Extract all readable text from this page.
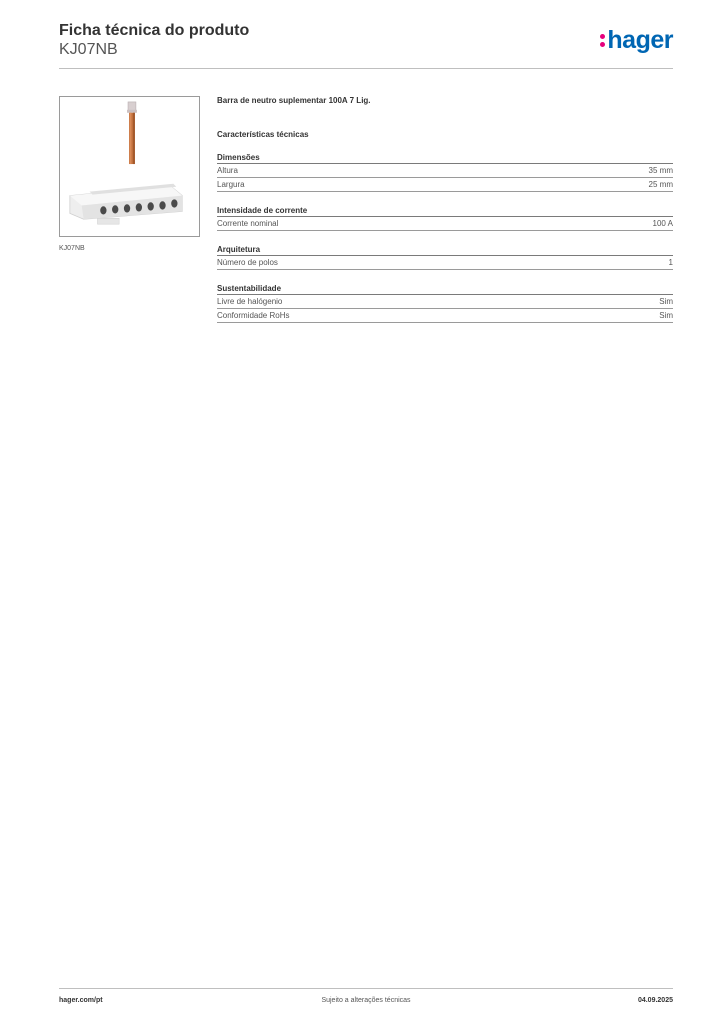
Ficha técnica do produto
KJ07NB	hager
KJ07NB
Barra de neutro suplementar 100A 7 Lig.
Características técnicas
Dimensões
Altura	35 mm
Largura	25 mm
Intensidade de corrente
Corrente nominal	100 A
Arquitetura
Número de polos	1
Sustentabilidade
Livre de halógenio	Sim
Conformidade RoHs	Sim
hager.com/pt	Sujeito a alterações técnicas	04.09.2025
